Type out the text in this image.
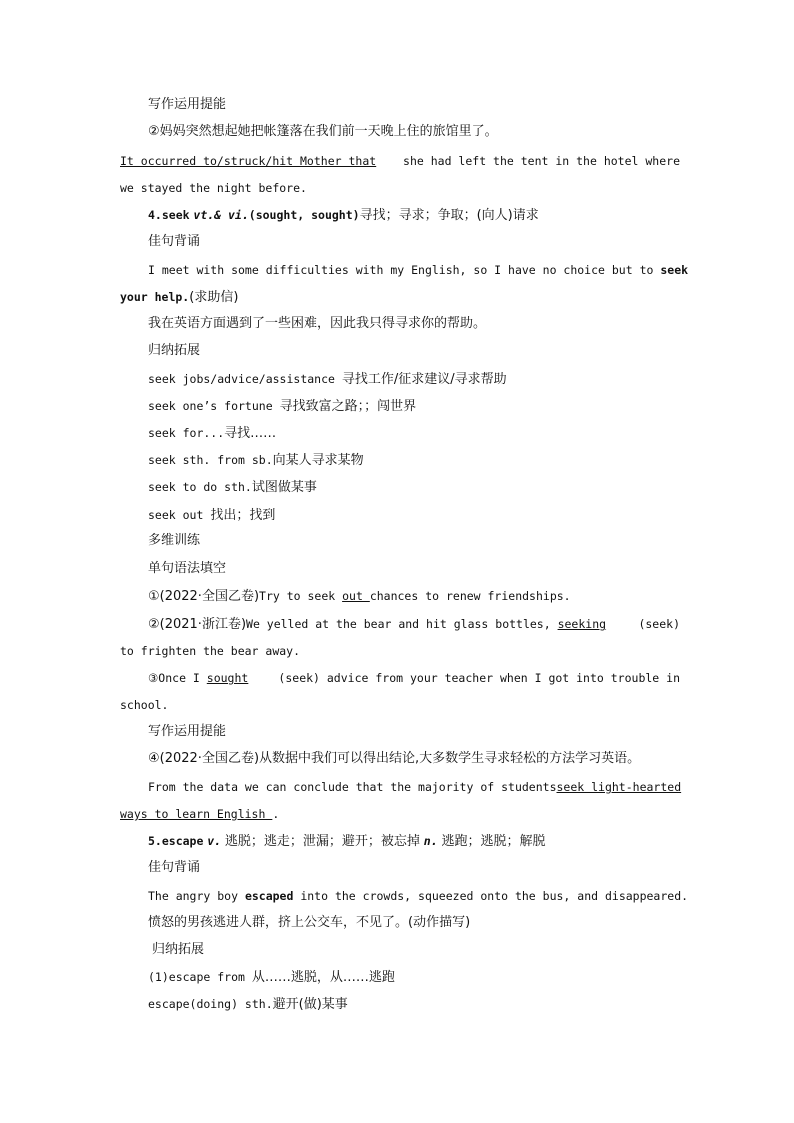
写作运用提能
②妈妈突然想起她把帐篷落在我们前一天晚上住的旅馆里了。
It occurred to/struck/hit Mother that she had left the tent in the hotel where
we stayed the night before.
4.seek vt.& vi.(sought, sought)寻找；寻求；争取；(向人)请求
佳句背诵
I meet with some difficulties with my English, so I have no choice but to seek
your help.(求助信)
我在英语方面遇到了一些困难，因此我只得寻求你的帮助。
归纳拓展
seek jobs/advice/assistance 寻找工作/征求建议/寻求帮助
seek one’s fortune 寻找致富之路；；闯世界
seek for...寻找……
seek sth. from sb.向某人寻求某物
seek to do sth.试图做某事
seek out 找出；找到
多维训练
单句语法填空
①(2022·全国乙卷)Try to seek out chances to renew friendships.
②(2021·浙江卷)We yelled at the bear and hit glass bottles, seeking	(seek)
to frighten the bear away.
③Once I sought	(seek) advice from your teacher when I got into trouble in
school.
写作运用提能
④(2022·全国乙卷)从数据中我们可以得出结论,大多数学生寻求轻松的方法学习英语。
From the data we can conclude that the majority of students seek light-hearted
ways to learn English .
5.escape v. 逃脱；逃走；泄漏；避开；被忘掉 n. 逃跑；逃脱；解脱
佳句背诵
The angry boy escaped into the crowds, squeezed onto the bus, and disappeared.
愤怒的男孩逃进人群，挤上公交车，不见了。(动作描写)
归纳拓展
(1)escape from 从……逃脱，从……逃跑
escape(doing) sth.避开(做)某事
